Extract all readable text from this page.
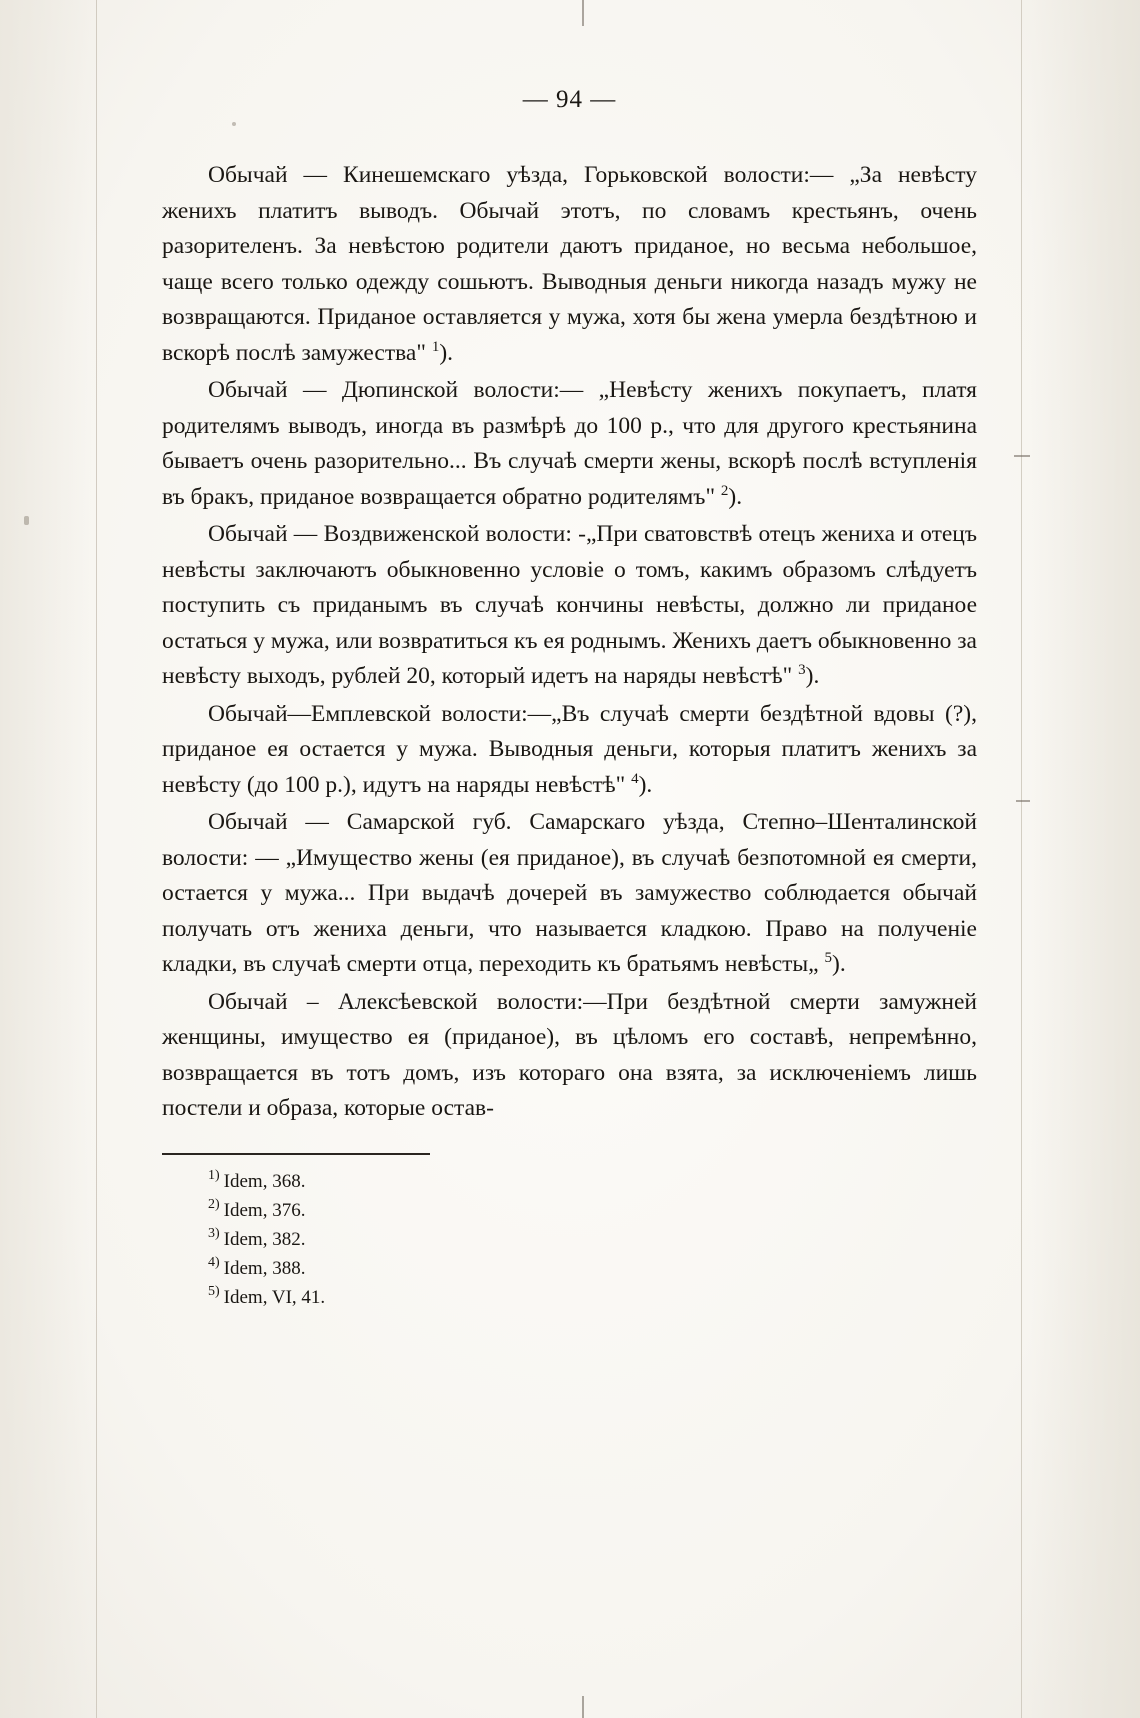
— 94 —

Обычай — Кинешемскаго уѣзда, Горьковской волости:— „За невѣсту женихъ платитъ выводъ. Обычай этотъ, по словамъ крестьянъ, очень разорителенъ. За невѣстою родители даютъ приданое, но весьма небольшое, чаще всего только одежду сошьютъ. Выводныя деньги никогда назадъ мужу не возвращаются. Приданое оставляется у мужа, хотя бы жена умерла бездѣтною и вскорѣ послѣ замужества" $^1$).

Обычай — Дюпинской волости:— „Невѣсту женихъ покупаетъ, платя родителямъ выводъ, иногда въ размѣрѣ до 100 р., что для другого крестьянина бываетъ очень разорительно... Въ случаѣ смерти жены, вскорѣ послѣ вступленія въ бракъ, приданое возвращается обратно родителямъ" $^2$).

Обычай — Воздвиженской волости: -„При сватовствѣ отецъ жениха и отецъ невѣсты заключаютъ обыкновенно условіе о томъ, какимъ образомъ слѣдуетъ поступить съ приданымъ въ случаѣ кончины невѣсты, должно ли приданое остаться у мужа, или возвратиться къ ея роднымъ. Женихъ даетъ обыкновенно за невѣсту выходъ, рублей 20, который идетъ на наряды невѣстѣ" $^3$).

Обычай—Емплевской волости:—„Въ случаѣ смерти бездѣтной вдовы (?), приданое ея остается у мужа. Выводныя деньги, которыя платитъ женихъ за невѣсту (до 100 р.), идутъ на наряды невѣстѣ" $^4$).

Обычай — Самарской губ. Самарскаго уѣзда, Степно–Шенталинской волости: — „Имущество жены (ея приданое), въ случаѣ безпотомной ея смерти, остается у мужа... При выдачѣ дочерей въ замужество соблюдается обычай получать отъ жениха деньги, что называется кладкою. Право на полученіе кладки, въ случаѣ смерти отца, переходить къ братьямъ невѣсты„ $^5$).

Обычай – Алексѣевской волости:—При бездѣтной смерти замужней женщины, имущество ея (приданое), въ цѣломъ его составѣ, непремѣнно, возвращается въ тотъ домъ, изъ котораго она взята, за исключеніемъ лишь постели и образа, которые остав-

$^{1)}$ Idem, 368.
$^{2)}$ Idem, 376.
$^{3)}$ Idem, 382.
$^{4)}$ Idem, 388.
$^{5)}$ Idem, VI, 41.
